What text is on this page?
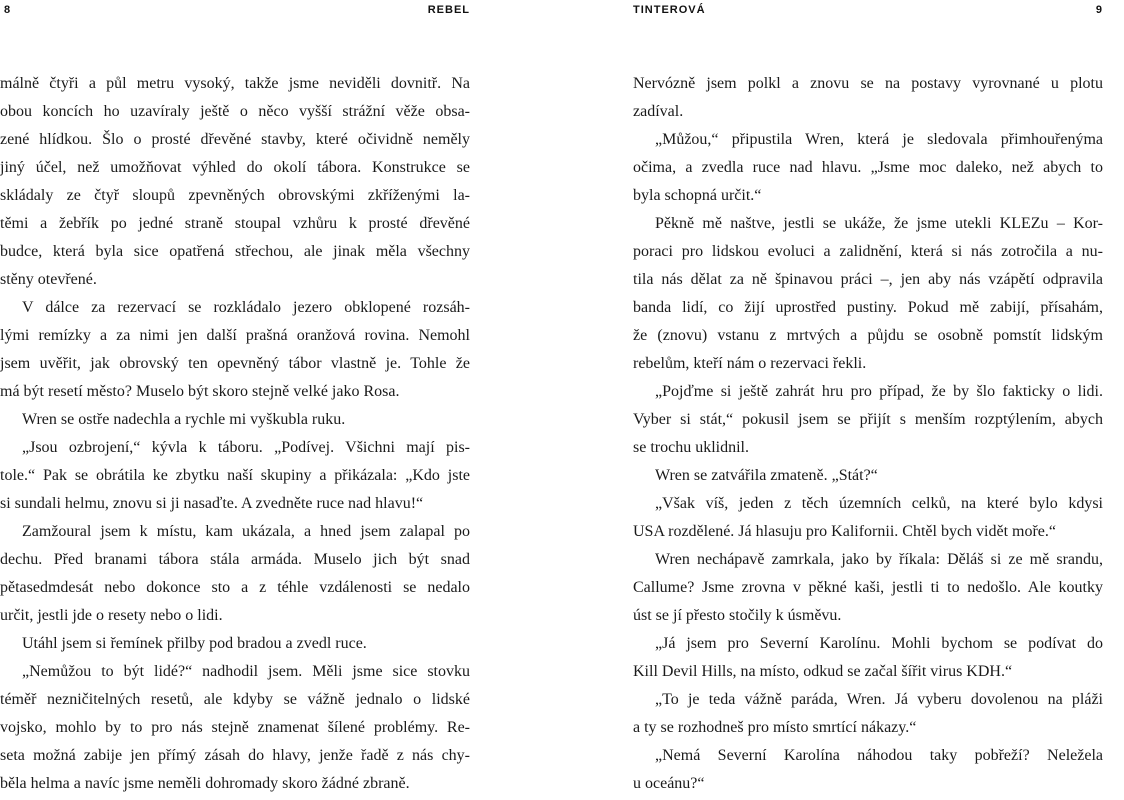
8	REBEL
málně čtyři a půl metru vysoký, takže jsme neviděli dovnitř. Na
obou koncích ho uzavíraly ještě o něco vyšší strážní věže obsa-
zené hlídkou. Šlo o prosté dřevěné stavby, které očividně neměly
jiný účel, než umožňovat výhled do okolí tábora. Konstrukce se
skládaly ze čtyř sloupů zpevněných obrovskými zkříženými la-
těmi a žebřík po jedné straně stoupal vzhůru k prosté dřevěné
budce, která byla sice opatřená střechou, ale jinak měla všechny
stěny otevřené.
V dálce za rezervací se rozkládalo jezero obklopené rozsáh-
lými remízky a za nimi jen další prašná oranžová rovina. Nemohl
jsem uvěřit, jak obrovský ten opevněný tábor vlastně je. Tohle že
má být resetí město? Muselo být skoro stejně velké jako Rosa.
Wren se ostře nadechla a rychle mi vyškubla ruku.
„Jsou ozbrojení,“ kývla k táboru. „Podívej. Všichni mají pis-
tole.“ Pak se obrátila ke zbytku naší skupiny a přikázala: „Kdo jste
si sundali helmu, znovu si ji nasaďte. A zvedněte ruce nad hlavu!“
Zamžoural jsem k místu, kam ukázala, a hned jsem zalapal po
dechu. Před branami tábora stála armáda. Muselo jich být snad
pětasedmdesát nebo dokonce sto a z téhle vzdálenosti se nedalo
určit, jestli jde o resety nebo o lidi.
Utáhl jsem si řemínek přilby pod bradou a zvedl ruce.
„Nemůžou to být lidé?“ nadhodil jsem. Měli jsme sice stovku
téměř nezničitelných resetů, ale kdyby se vážně jednalo o lidské
vojsko, mohlo by to pro nás stejně znamenat šílené problémy. Re-
seta možná zabije jen přímý zásah do hlavy, jenže řadě z nás chy-
běla helma a navíc jsme neměli dohromady skoro žádné zbraně.
TINTEROVÁ	9
Nervózně jsem polkl a znovu se na postavy vyrovnané u plotu
zadíval.
„Můžou,“ připustila Wren, která je sledovala přimhouřenýma
očima, a zvedla ruce nad hlavu. „Jsme moc daleko, než abych to
byla schopná určit.“
Pěkně mě naštve, jestli se ukáže, že jsme utekli KLEZu – Kor-
poraci pro lidskou evoluci a zalidnění, která si nás zotročila a nu-
tila nás dělat za ně špinavou práci –, jen aby nás vzápětí odpravila
banda lidí, co žijí uprostřed pustiny. Pokud mě zabijí, přísahám,
že (znovu) vstanu z mrtvých a půjdu se osobně pomstít lidským
rebelům, kteří nám o rezervaci řekli.
„Pojďme si ještě zahrát hru pro případ, že by šlo fakticky o lidi.
Vyber si stát,“ pokusil jsem se přijít s menším rozptýlením, abych
se trochu uklidnil.
Wren se zatvářila zmateně. „Stát?“
„Však víš, jeden z těch územních celků, na které bylo kdysi
USA rozdělené. Já hlasuju pro Kalifornii. Chtěl bych vidět moře.“
Wren nechápavě zamrkala, jako by říkala: Děláš si ze mě srandu,
Callume? Jsme zrovna v pěkné kaši, jestli ti to nedošlo. Ale koutky
úst se jí přesto stočily k úsměvu.
„Já jsem pro Severní Karolínu. Mohli bychom se podívat do
Kill Devil Hills, na místo, odkud se začal šířit virus KDH.“
„To je teda vážně paráda, Wren. Já vyberu dovolenou na pláži
a ty se rozhodneš pro místo smrtící nákazy.“
„Nemá Severní Karolína náhodou taky pobřeží? Neležela
u oceánu?“
